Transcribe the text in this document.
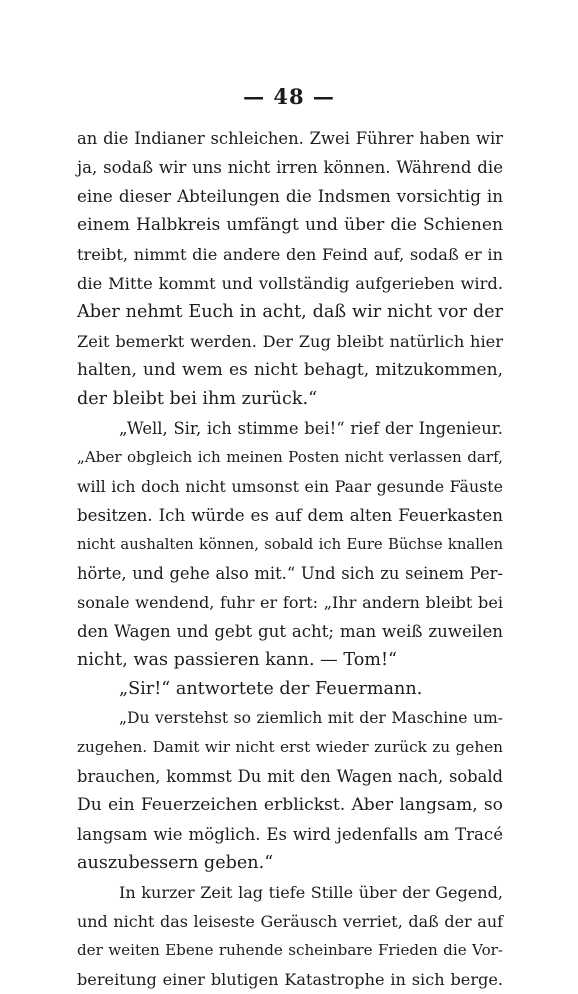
— 48 —
an die Indianer schleichen. Zwei Führer haben wir
ja, sodaß wir uns nicht irren können. Während die
eine dieser Abteilungen die Indsmen vorsichtig in
einem Halbkreis umfängt und über die Schienen
treibt, nimmt die andere den Feind auf, sodaß er in
die Mitte kommt und vollständig aufgerieben wird.
Aber nehmt Euch in acht, daß wir nicht vor der
Zeit bemerkt werden. Der Zug bleibt natürlich hier
halten, und wem es nicht behagt, mitzukommen,
der bleibt bei ihm zurück.“
„Well, Sir, ich stimme bei!“ rief der Ingenieur.
„Aber obgleich ich meinen Posten nicht verlassen darf,
will ich doch nicht umsonst ein Paar gesunde Fäuste
besitzen. Ich würde es auf dem alten Feuerkasten
nicht aushalten können, sobald ich Eure Büchse knallen
hörte, und gehe also mit.“ Und sich zu seinem Per-
sonale wendend, fuhr er fort: „Ihr andern bleibt bei
den Wagen und gebt gut acht; man weiß zuweilen
nicht, was passieren kann. — Tom!“
„Sir!“ antwortete der Feuermann.
„Du verstehst so ziemlich mit der Maschine um-
zugehen. Damit wir nicht erst wieder zurück zu gehen
brauchen, kommst Du mit den Wagen nach, sobald
Du ein Feuerzeichen erblickst. Aber langsam, so
langsam wie möglich. Es wird jedenfalls am Tracé
auszubessern geben.“
In kurzer Zeit lag tiefe Stille über der Gegend,
und nicht das leiseste Geräusch verriet, daß der auf
der weiten Ebene ruhende scheinbare Frieden die Vor-
bereitung einer blutigen Katastrophe in sich berge.
